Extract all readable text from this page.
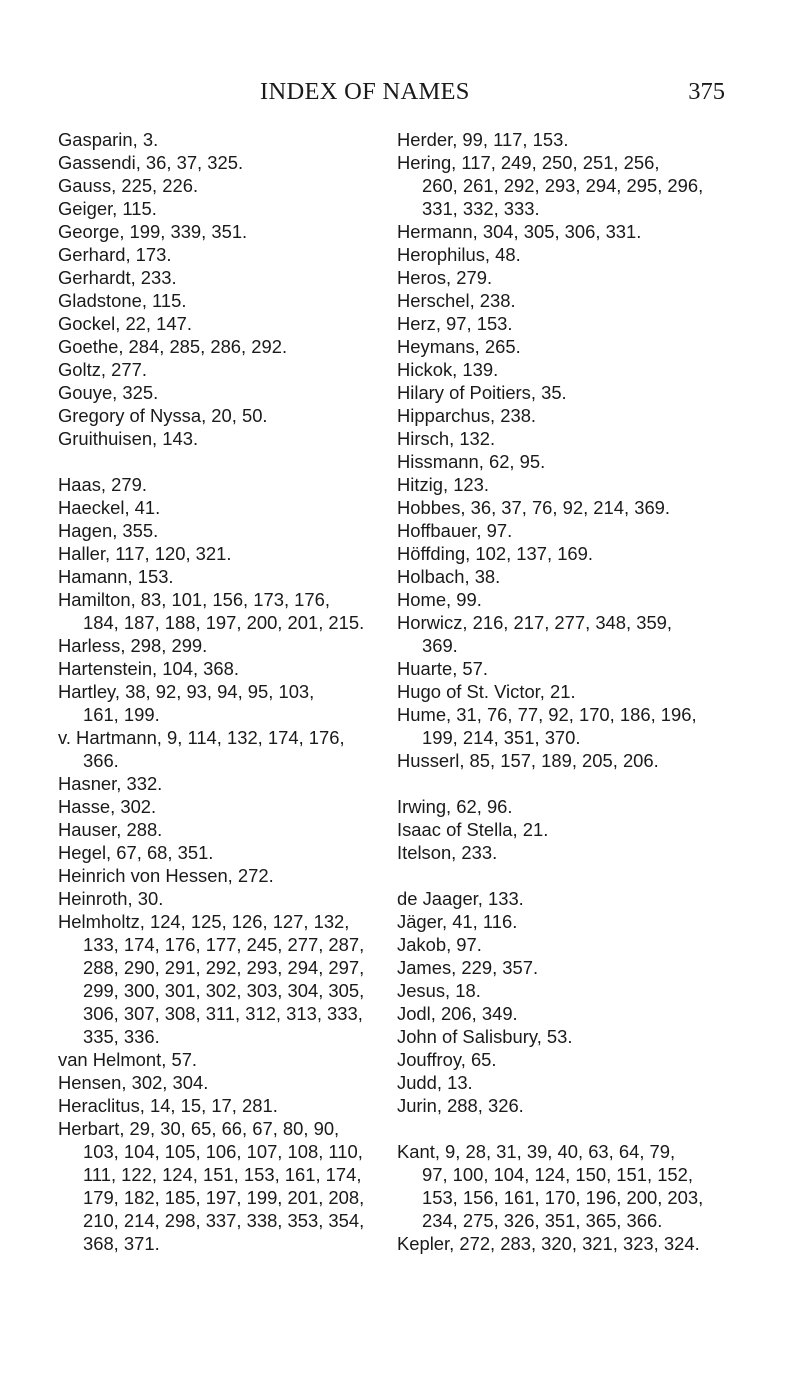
INDEX OF NAMES	375
Gasparin, 3.
Gassendi, 36, 37, 325.
Gauss, 225, 226.
Geiger, 115.
George, 199, 339, 351.
Gerhard, 173.
Gerhardt, 233.
Gladstone, 115.
Gockel, 22, 147.
Goethe, 284, 285, 286, 292.
Goltz, 277.
Gouye, 325.
Gregory of Nyssa, 20, 50.
Gruithuisen, 143.
Haas, 279.
Haeckel, 41.
Hagen, 355.
Haller, 117, 120, 321.
Hamann, 153.
Hamilton, 83, 101, 156, 173, 176,
184, 187, 188, 197, 200, 201, 215.
Harless, 298, 299.
Hartenstein, 104, 368.
Hartley, 38, 92, 93, 94, 95, 103,
161, 199.
v. Hartmann, 9, 114, 132, 174, 176,
366.
Hasner, 332.
Hasse, 302.
Hauser, 288.
Hegel, 67, 68, 351.
Heinrich von Hessen, 272.
Heinroth, 30.
Helmholtz, 124, 125, 126, 127, 132,
133, 174, 176, 177, 245, 277, 287,
288, 290, 291, 292, 293, 294, 297,
299, 300, 301, 302, 303, 304, 305,
306, 307, 308, 311, 312, 313, 333,
335, 336.
van Helmont, 57.
Hensen, 302, 304.
Heraclitus, 14, 15, 17, 281.
Herbart, 29, 30, 65, 66, 67, 80, 90,
103, 104, 105, 106, 107, 108, 110,
111, 122, 124, 151, 153, 161, 174,
179, 182, 185, 197, 199, 201, 208,
210, 214, 298, 337, 338, 353, 354,
368, 371.
Herder, 99, 117, 153.
Hering, 117, 249, 250, 251, 256,
260, 261, 292, 293, 294, 295, 296,
331, 332, 333.
Hermann, 304, 305, 306, 331.
Herophilus, 48.
Heros, 279.
Herschel, 238.
Herz, 97, 153.
Heymans, 265.
Hickok, 139.
Hilary of Poitiers, 35.
Hipparchus, 238.
Hirsch, 132.
Hissmann, 62, 95.
Hitzig, 123.
Hobbes, 36, 37, 76, 92, 214, 369.
Hoffbauer, 97.
Höffding, 102, 137, 169.
Holbach, 38.
Home, 99.
Horwicz, 216, 217, 277, 348, 359,
369.
Huarte, 57.
Hugo of St. Victor, 21.
Hume, 31, 76, 77, 92, 170, 186, 196,
199, 214, 351, 370.
Husserl, 85, 157, 189, 205, 206.
Irwing, 62, 96.
Isaac of Stella, 21.
Itelson, 233.
de Jaager, 133.
Jäger, 41, 116.
Jakob, 97.
James, 229, 357.
Jesus, 18.
Jodl, 206, 349.
John of Salisbury, 53.
Jouffroy, 65.
Judd, 13.
Jurin, 288, 326.
Kant, 9, 28, 31, 39, 40, 63, 64, 79,
97, 100, 104, 124, 150, 151, 152,
153, 156, 161, 170, 196, 200, 203,
234, 275, 326, 351, 365, 366.
Kepler, 272, 283, 320, 321, 323, 324.
